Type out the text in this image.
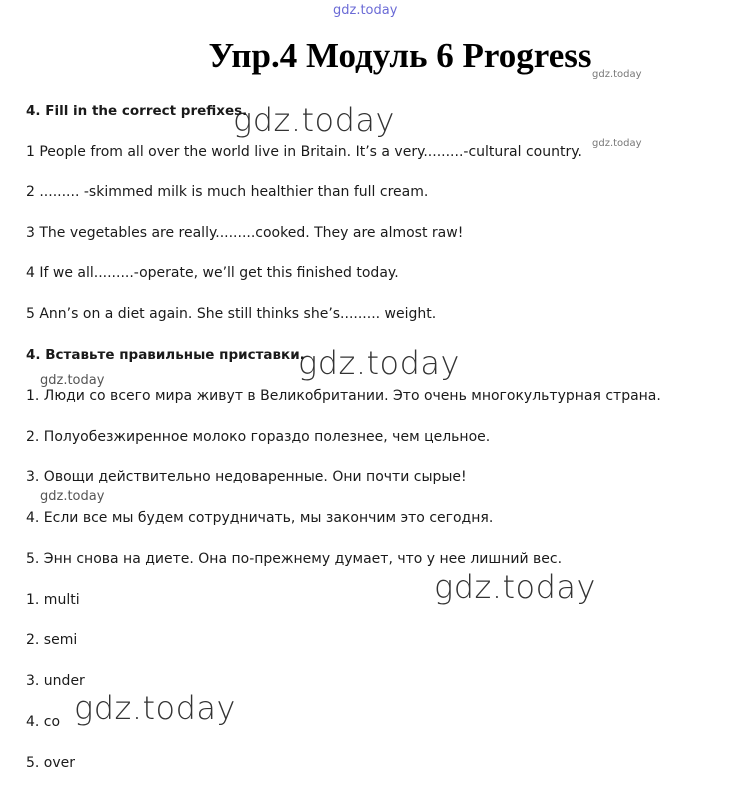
gdz.today
gdz.today
gdz.today
gdz.today
gdz.today
gdz.today
gdz.today
gdz.today
gdz.today
Упр.4 Модуль 6 Progress
4. Fill in the correct prefixes.
1 People from all over the world live in Britain. It’s a very.........-cultural country.
2 ......... -skimmed milk is much healthier than full cream.
3 The vegetables are really.........cooked. They are almost raw!
4 If we all.........-operate, we’ll get this finished today.
5 Ann’s on a diet again. She still thinks she’s......... weight.
4. Вставьте правильные приставки.
1. Люди со всего мира живут в Великобритании. Это очень многокультурная страна.
2. Полуобезжиренное молоко гораздо полезнее, чем цельное.
3. Овощи действительно недоваренные. Они почти сырые!
4. Если все мы будем сотрудничать, мы закончим это сегодня.
5. Энн снова на диете. Она по-прежнему думает, что у нее лишний вес.
1. multi
2. semi
3. under
4. co
5. over
